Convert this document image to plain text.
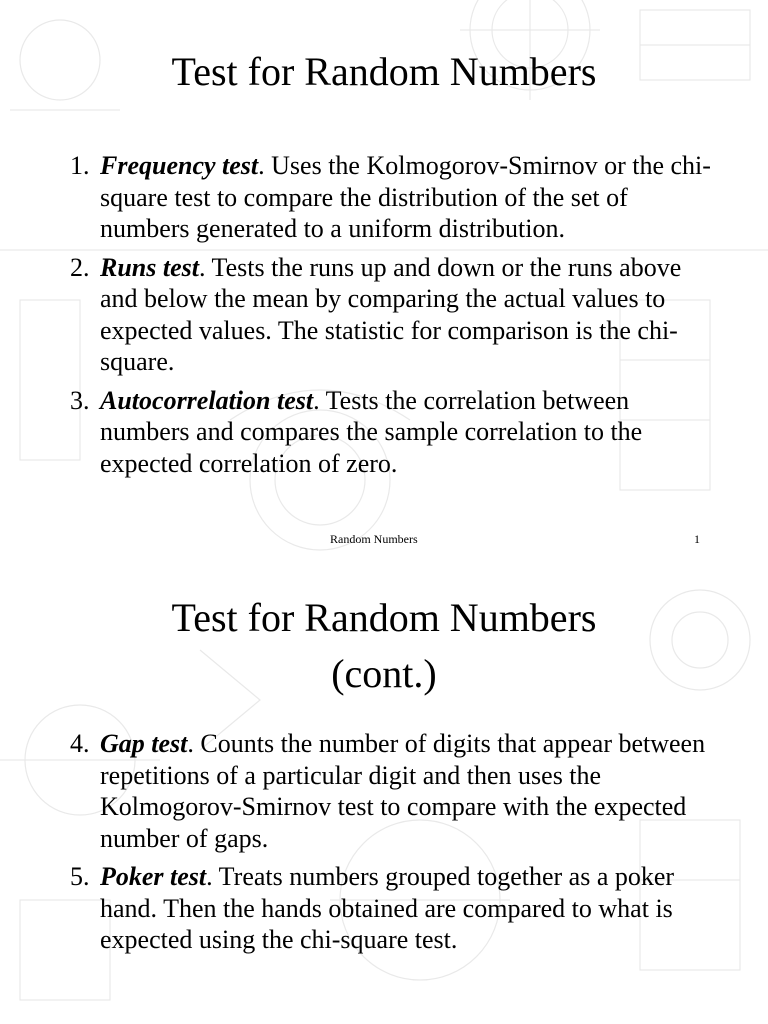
Test for Random Numbers
1. Frequency test. Uses the Kolmogorov-Smirnov or the chi-square test to compare the distribution of the set of numbers generated to a uniform distribution.
2. Runs test. Tests the runs up and down or the runs above and below the mean by comparing the actual values to expected values. The statistic for comparison is the chi-square.
3. Autocorrelation test. Tests the correlation between numbers and compares the sample correlation to the expected correlation of zero.
Random Numbers	1
Test for Random Numbers
(cont.)
4. Gap test. Counts the number of digits that appear between repetitions of a particular digit and then uses the Kolmogorov-Smirnov test to compare with the expected number of gaps.
5. Poker test. Treats numbers grouped together as a poker hand. Then the hands obtained are compared to what is expected using the chi-square test.
